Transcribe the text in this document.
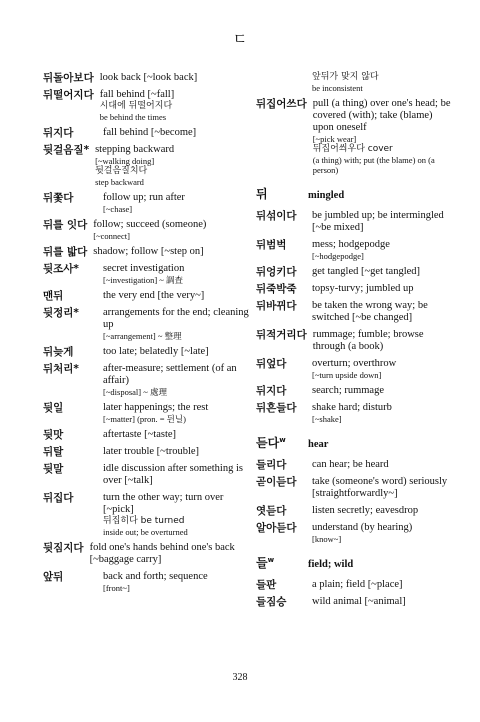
ㄷ
뒤돌아보다 look back [~look back]
뒤떨어지다 fall behind [~fall]
시대에 뒤떨어지다
be behind the times
뒤지다	fall behind [~become]
뒷걸음질* stepping backward
[~walking doing]
뒷걸음질치다
step backward
뒤쫓다	follow up; run after
[~chase]
뒤를 잇다 follow; succeed (someone)
[~connect]
뒤를 밟다 shadow; follow [~step on]
뒷조사*	secret investigation
[~investigation] ~ 調査
맨뒤	the very end [the very~]
뒷정리*	arrangements for the end; cleaning up
[~arrangement] ~ 整理
뒤늦게	too late; belatedly [~late]
뒤처리*	after-measure; settlement (of an affair)
[~disposal] ~ 處理
뒷일	later happenings; the rest
[~matter] (pron. = 뒨닐)
뒷맛	aftertaste [~taste]
뒤탈	later trouble [~trouble]
뒷말	idle discussion after something is over [~talk]
뒤집다	turn the other way; turn over [~pick]
뒤집히다 be turned
inside out; be overturned
뒷짐지다 fold one's hands behind one's back [~baggage carry]
앞뒤	back and forth; sequence
[front~]
앞뒤가 맞지 않다
be inconsistent
뒤집어쓰다 pull (a thing) over one's head; be covered (with); take (blame) upon oneself
[~pick wear]
뒤집어씌우다 cover
(a thing) with; put (the blame) on (a person)
뒤	mingled
뒤섞이다	be jumbled up; be intermingled [~be mixed]
뒤범벅	mess; hodgepodge
[~hodgepodge]
뒤엉키다	get tangled [~get tangled]
뒤죽박죽	topsy-turvy; jumbled up
뒤바뀌다	be taken the wrong way; be switched [~be changed]
뒤적거리다 rummage; fumble; browse through (a book)
뒤엎다	overturn; overthrow
[~turn upside down]
뒤지다	search; rummage
뒤흔들다	shake hard; disturb
[~shake]
듣다$^w$	hear
들리다	can hear; be heard
곧이듣다	take (someone's word) seriously [straightforwardly~]
엿듣다	listen secretly; eavesdrop
알아듣다	understand (by hearing)
[know~]
들$^w$	field; wild
들판	a plain; field [~place]
들짐승	wild animal [~animal]
328
